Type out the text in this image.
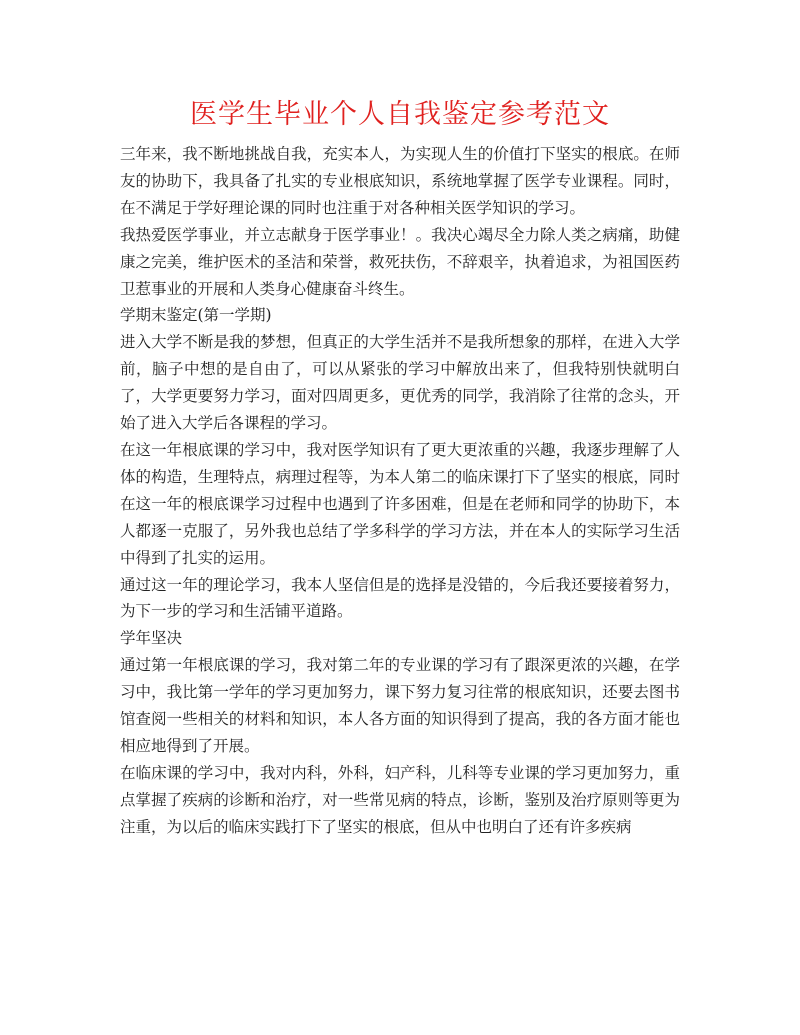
医学生毕业个人自我鉴定参考范文

三年来，我不断地挑战自我，充实本人，为实现人生的价值打下坚实的根底。在师友的协助下，我具备了扎实的专业根底知识，系统地掌握了医学专业课程。同时，在不满足于学好理论课的同时也注重于对各种相关医学知识的学习。

我热爱医学事业，并立志献身于医学事业！。我决心竭尽全力除人类之病痛，助健康之完美，维护医术的圣洁和荣誉，救死扶伤，不辞艰辛，执着追求，为祖国医药卫惹事业的开展和人类身心健康奋斗终生。

学期末鉴定(第一学期)

进入大学不断是我的梦想，但真正的大学生活并不是我所想象的那样，在进入大学前，脑子中想的是自由了，可以从紧张的学习中解放出来了，但我特别快就明白了，大学更要努力学习，面对四周更多，更优秀的同学，我消除了往常的念头，开始了进入大学后各课程的学习。

在这一年根底课的学习中，我对医学知识有了更大更浓重的兴趣，我逐步理解了人体的构造，生理特点，病理过程等，为本人第二的临床课打下了坚实的根底，同时在这一年的根底课学习过程中也遇到了许多困难，但是在老师和同学的协助下，本人都逐一克服了，另外我也总结了学多科学的学习方法，并在本人的实际学习生活中得到了扎实的运用。

通过这一年的理论学习，我本人坚信但是的选择是没错的，今后我还要接着努力，为下一步的学习和生活铺平道路。

学年坚决

通过第一年根底课的学习，我对第二年的专业课的学习有了跟深更浓的兴趣，在学习中，我比第一学年的学习更加努力，课下努力复习往常的根底知识，还要去图书馆查阅一些相关的材料和知识，本人各方面的知识得到了提高，我的各方面才能也相应地得到了开展。

在临床课的学习中，我对内科，外科，妇产科，儿科等专业课的学习更加努力，重点掌握了疾病的诊断和治疗，对一些常见病的特点，诊断，鉴别及治疗原则等更为注重，为以后的临床实践打下了坚实的根底，但从中也明白了还有许多疾病
